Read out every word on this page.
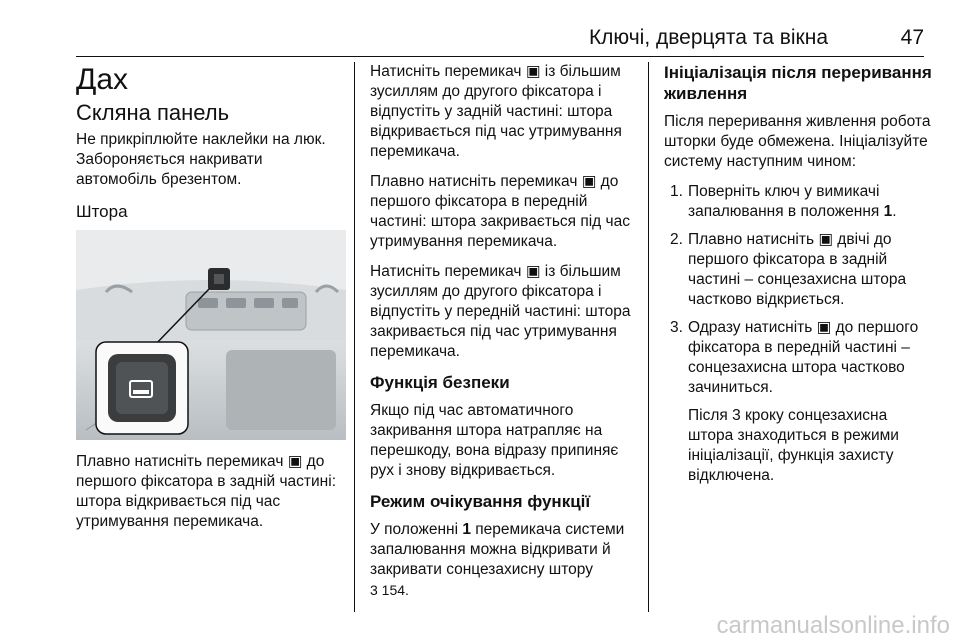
Ключі, дверцята та вікна	47
Дах
Скляна панель

Не прикріплюйте наклейки на люк. Забороняється накривати автомобіль брезентом.

Штора

Плавно натисніть перемикач ▣ до першого фіксатора в задній частині: штора відкривається під час утримування перемикача.

Натисніть перемикач ▣ із більшим зусиллям до другого фіксатора і відпустіть у задній частині: штора відкривається під час утримування перемикача.

Плавно натисніть перемикач ▣ до першого фіксатора в передній частині: штора закривається під час утримування перемикача.

Натисніть перемикач ▣ із більшим зусиллям до другого фіксатора і відпустіть у передній частині: штора закривається під час утримування перемикача.

Функція безпеки

Якщо під час автоматичного закривання штора натрапляє на перешкоду, вона відразу припиняє рух і знову відкривається.

Режим очікування функції

У положенні 1 перемикача системи запалювання можна відкривати й закривати сонцезахисну штору
3 154.

Ініціалізація після переривання живлення

Після переривання живлення робота шторки буде обмежена. Ініціалізуйте систему наступним чином:

1. Поверніть ключ у вимикачі запалювання в положення 1.
2. Плавно натисніть ▣ двічі до першого фіксатора в задній частині – сонцезахисна штора частково відкриється.
3. Одразу натисніть ▣ до першого фіксатора в передній частині – сонцезахисна штора частково зачиниться.

Після 3 кроку сонцезахисна штора знаходиться в режими ініціалізації, функція захисту відключена.

carmanualsonline.info
